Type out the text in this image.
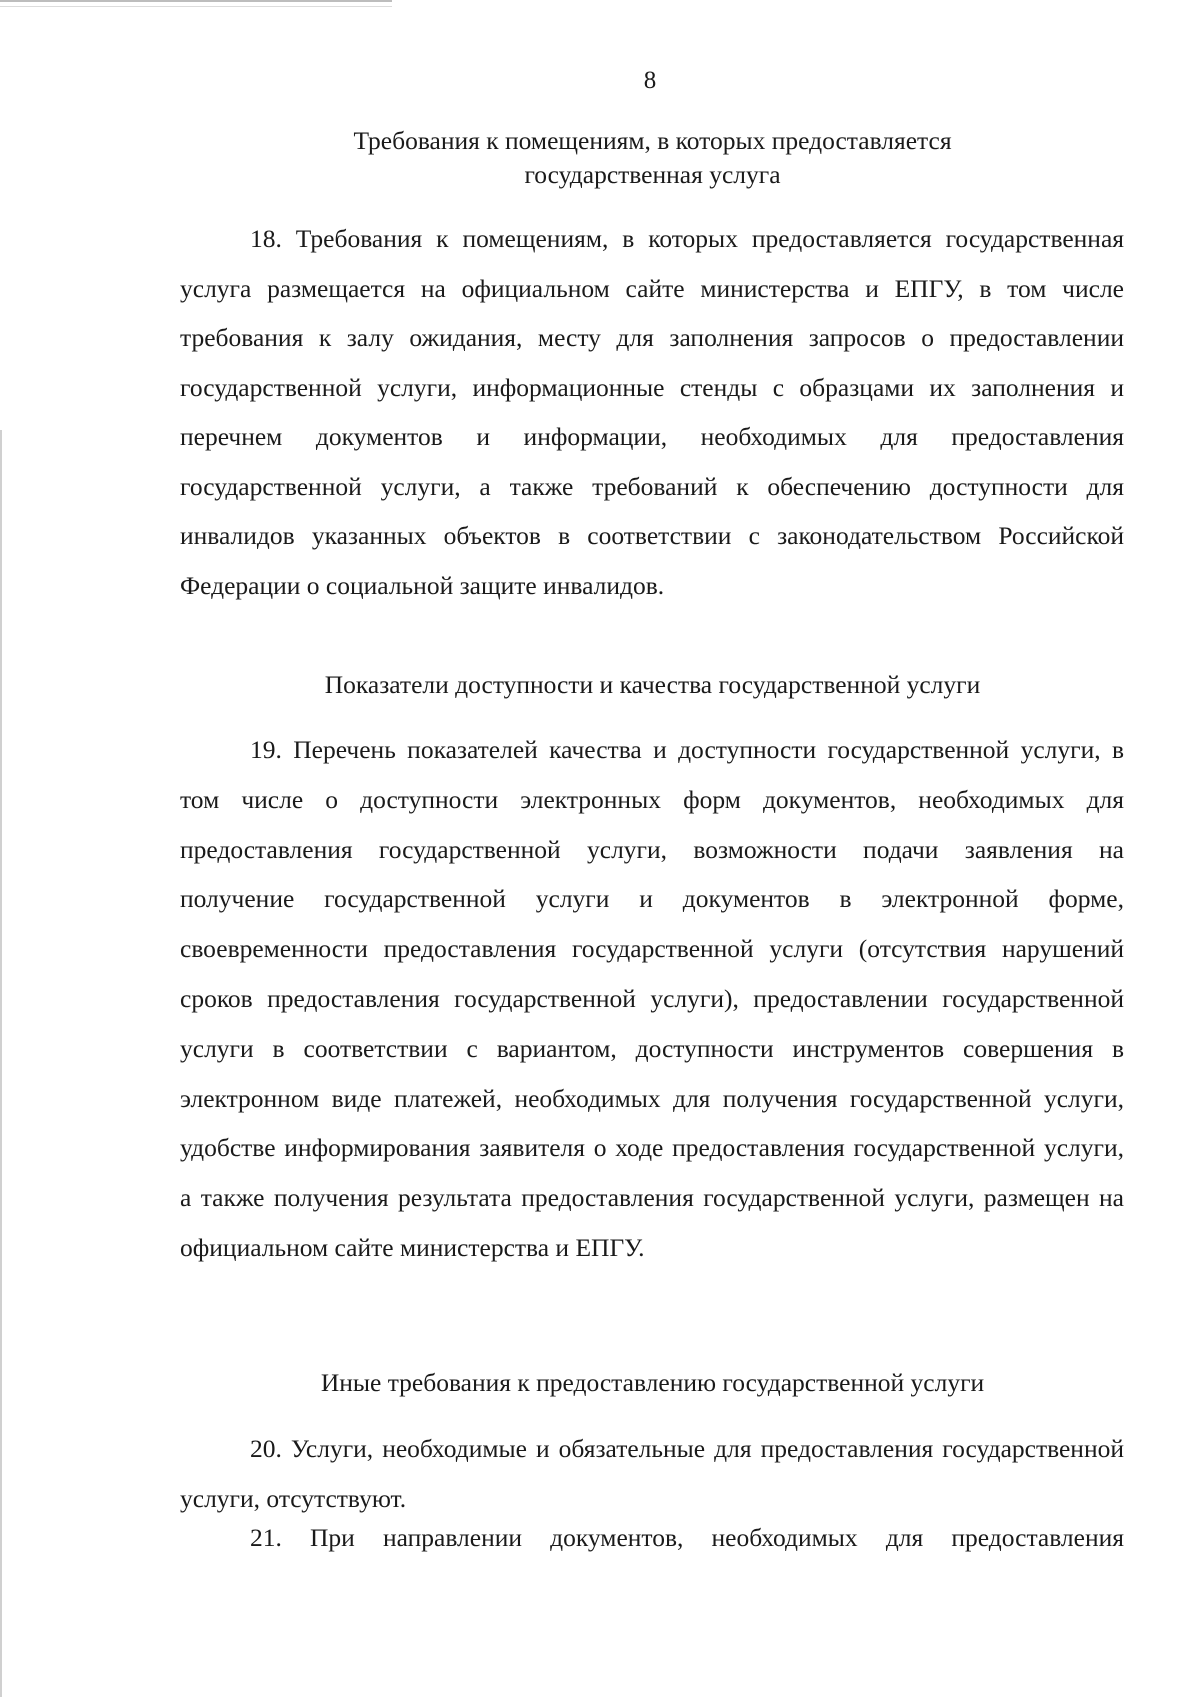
8
Требования к помещениям, в которых предоставляется
государственная услуга

18. Требования к помещениям, в которых предоставляется государственная услуга размещается на официальном сайте министерства и ЕПГУ, в том числе требования к залу ожидания, месту для заполнения запросов о предоставлении государственной услуги, информационные стенды с образцами их заполнения и перечнем документов и информации, необходимых для предоставления государственной услуги, а также требований к обеспечению доступности для инвалидов указанных объектов в соответствии с законодательством Российской Федерации о социальной защите инвалидов.

Показатели доступности и качества государственной услуги

19. Перечень показателей качества и доступности государственной услуги, в том числе о доступности электронных форм документов, необходимых для предоставления государственной услуги, возможности подачи заявления на получение государственной услуги и документов в электронной форме, своевременности предоставления государственной услуги (отсутствия нарушений сроков предоставления государственной услуги), предоставлении государственной услуги в соответствии с вариантом, доступности инструментов совершения в электронном виде платежей, необходимых для получения государственной услуги, удобстве информирования заявителя о ходе предоставления государственной услуги, а также получения результата предоставления государственной услуги, размещен на официальном сайте министерства и ЕПГУ.

Иные требования к предоставлению государственной услуги

20. Услуги, необходимые и обязательные для предоставления государственной услуги, отсутствуют.

21. При направлении документов, необходимых для предоставления
